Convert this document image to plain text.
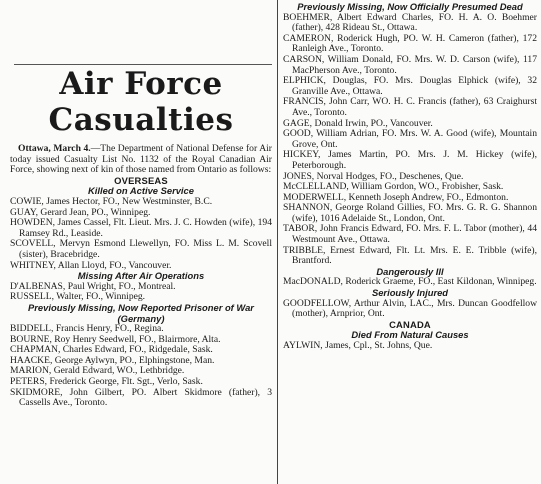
Air Force Casualties

Ottawa, March 4.—The Department of National Defense for Air today issued Casualty List No. 1132 of the Royal Canadian Air Force, showing next of kin of those named from Ontario as follows:

OVERSEAS

Killed on Active Service

COWIE, James Hector, FO., New Westminster, B.C.

GUAY, Gerard Jean, PO., Winnipeg.

HOWDEN, James Cassel, Flt. Lieut. Mrs. J. C. Howden (wife), 194 Ramsey Rd., Leaside.

SCOVELL, Mervyn Esmond Llewellyn, FO. Miss L. M. Scovell (sister), Bracebridge.

WHITNEY, Allan Lloyd, FO., Vancouver.

Missing After Air Operations

D'ALBENAS, Paul Wright, FO., Montreal.

RUSSELL, Walter, FO., Winnipeg.

Previously Missing, Now Reported Prisoner of War (Germany)

BIDDELL, Francis Henry, FO., Regina.

BOURNE, Roy Henry Seedwell, FO., Blairmore, Alta.

CHAPMAN, Charles Edward, FO., Ridgedale, Sask.

HAACKE, George Aylwyn, PO., Elphingstone, Man.

MARION, Gerald Edward, WO., Lethbridge.

PETERS, Frederick George, Flt. Sgt., Verlo, Sask.

SKIDMORE, John Gilbert, PO. Albert Skidmore (father), 3 Cassells Ave., Toronto.

Previously Missing, Now Officially Presumed Dead

BOEHMER, Albert Edward Charles, FO. H. A. O. Boehmer (father), 428 Rideau St., Ottawa.

CAMERON, Roderick Hugh, PO. W. H. Cameron (father), 172 Ranleigh Ave., Toronto.

CARSON, William Donald, FO. Mrs. W. D. Carson (wife), 117 MacPherson Ave., Toronto.

ELPHICK, Douglas, FO. Mrs. Douglas Elphick (wife), 32 Granville Ave., Ottawa.

FRANCIS, John Carr, WO. H. C. Francis (father), 63 Craighurst Ave., Toronto.

GAGE, Donald Irwin, PO., Vancouver.

GOOD, William Adrian, FO. Mrs. W. A. Good (wife), Mountain Grove, Ont.

HICKEY, James Martin, PO. Mrs. J. M. Hickey (wife), Peterborough.

JONES, Norval Hodges, FO., Deschenes, Que.

McCLELLAND, William Gordon, WO., Frobisher, Sask.

MODERWELL, Kenneth Joseph Andrew, FO., Edmonton.

SHANNON, George Roland Gillies, FO. Mrs. G. R. G. Shannon (wife), 1016 Adelaide St., London, Ont.

TABOR, John Francis Edward, FO. Mrs. F. L. Tabor (mother), 44 Westmount Ave., Ottawa.

TRIBBLE, Ernest Edward, Flt. Lt. Mrs. E. E. Tribble (wife), Brantford.

Dangerously Ill

MacDONALD, Roderick Graeme, FO., East Kildonan, Winnipeg.

Seriously Injured

GOODFELLOW, Arthur Alvin, LAC., Mrs. Duncan Goodfellow (mother), Arnprior, Ont.

CANADA

Died From Natural Causes

AYLWIN, James, Cpl., St. Johns, Que.
